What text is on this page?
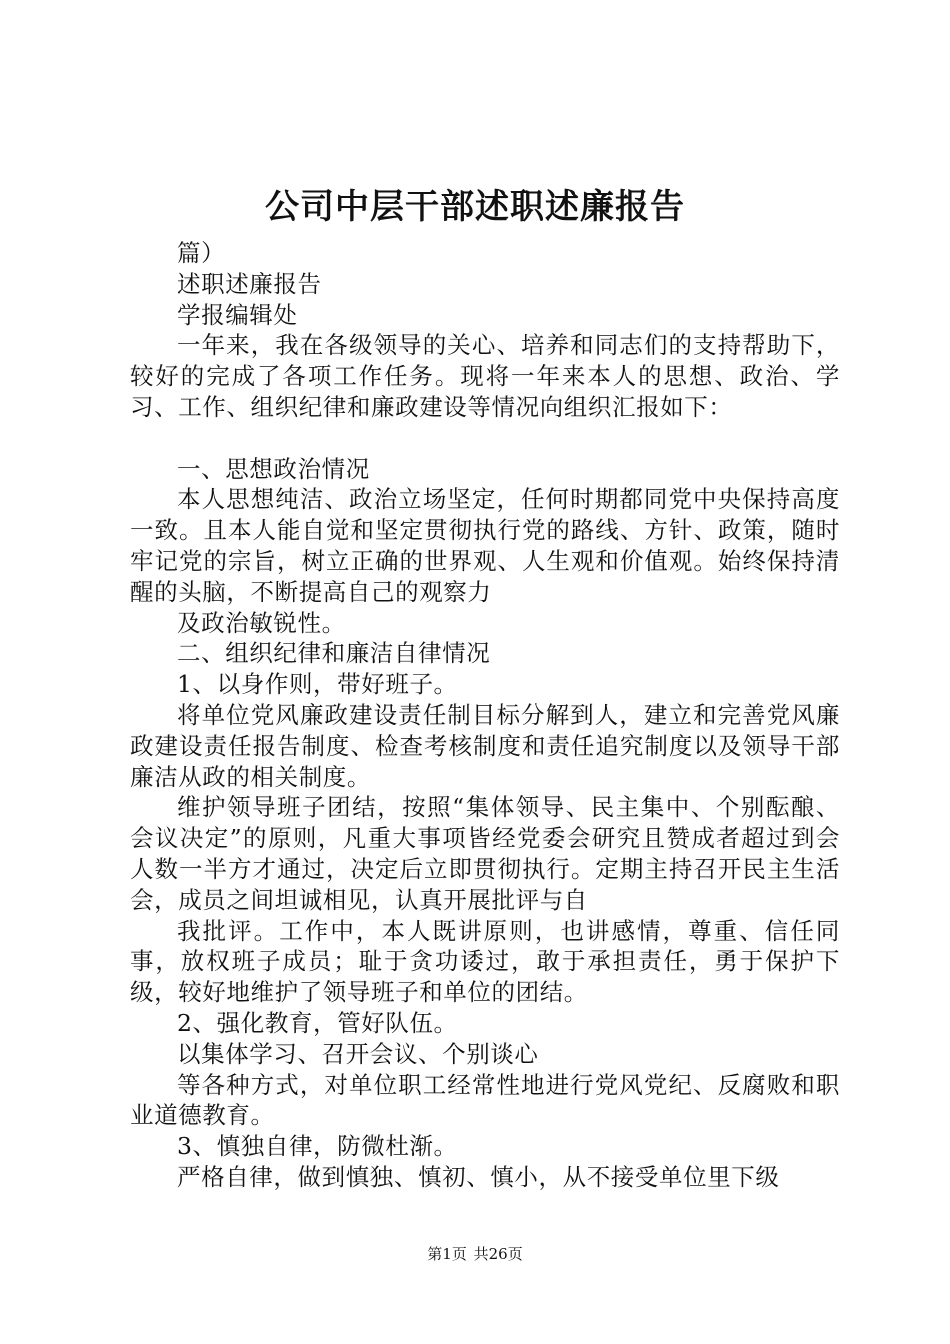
公司中层干部述职述廉报告

篇）

述职述廉报告

学报编辑处

一年来，我在各级领导的关心、培养和同志们的支持帮助下，较好的完成了各项工作任务。现将一年来本人的思想、政治、学习、工作、组织纪律和廉政建设等情况向组织汇报如下：

一、思想政治情况

本人思想纯洁、政治立场坚定，任何时期都同党中央保持高度一致。且本人能自觉和坚定贯彻执行党的路线、方针、政策，随时牢记党的宗旨，树立正确的世界观、人生观和价值观。始终保持清醒的头脑，不断提高自己的观察力

及政治敏锐性。

二、组织纪律和廉洁自律情况

1、以身作则，带好班子。

将单位党风廉政建设责任制目标分解到人，建立和完善党风廉政建设责任报告制度、检查考核制度和责任追究制度以及领导干部廉洁从政的相关制度。

维护领导班子团结，按照“集体领导、民主集中、个别酝酿、会议决定”的原则，凡重大事项皆经党委会研究且赞成者超过到会人数一半方才通过，决定后立即贯彻执行。定期主持召开民主生活会，成员之间坦诚相见，认真开展批评与自

我批评。工作中，本人既讲原则，也讲感情，尊重、信任同事，放权班子成员；耻于贪功诿过，敢于承担责任，勇于保护下级，较好地维护了领导班子和单位的团结。

2、强化教育，管好队伍。

以集体学习、召开会议、个别谈心

等各种方式，对单位职工经常性地进行党风党纪、反腐败和职业道德教育。

3、慎独自律，防微杜渐。

严格自律，做到慎独、慎初、慎小，从不接受单位里下级

第1页 共26页
